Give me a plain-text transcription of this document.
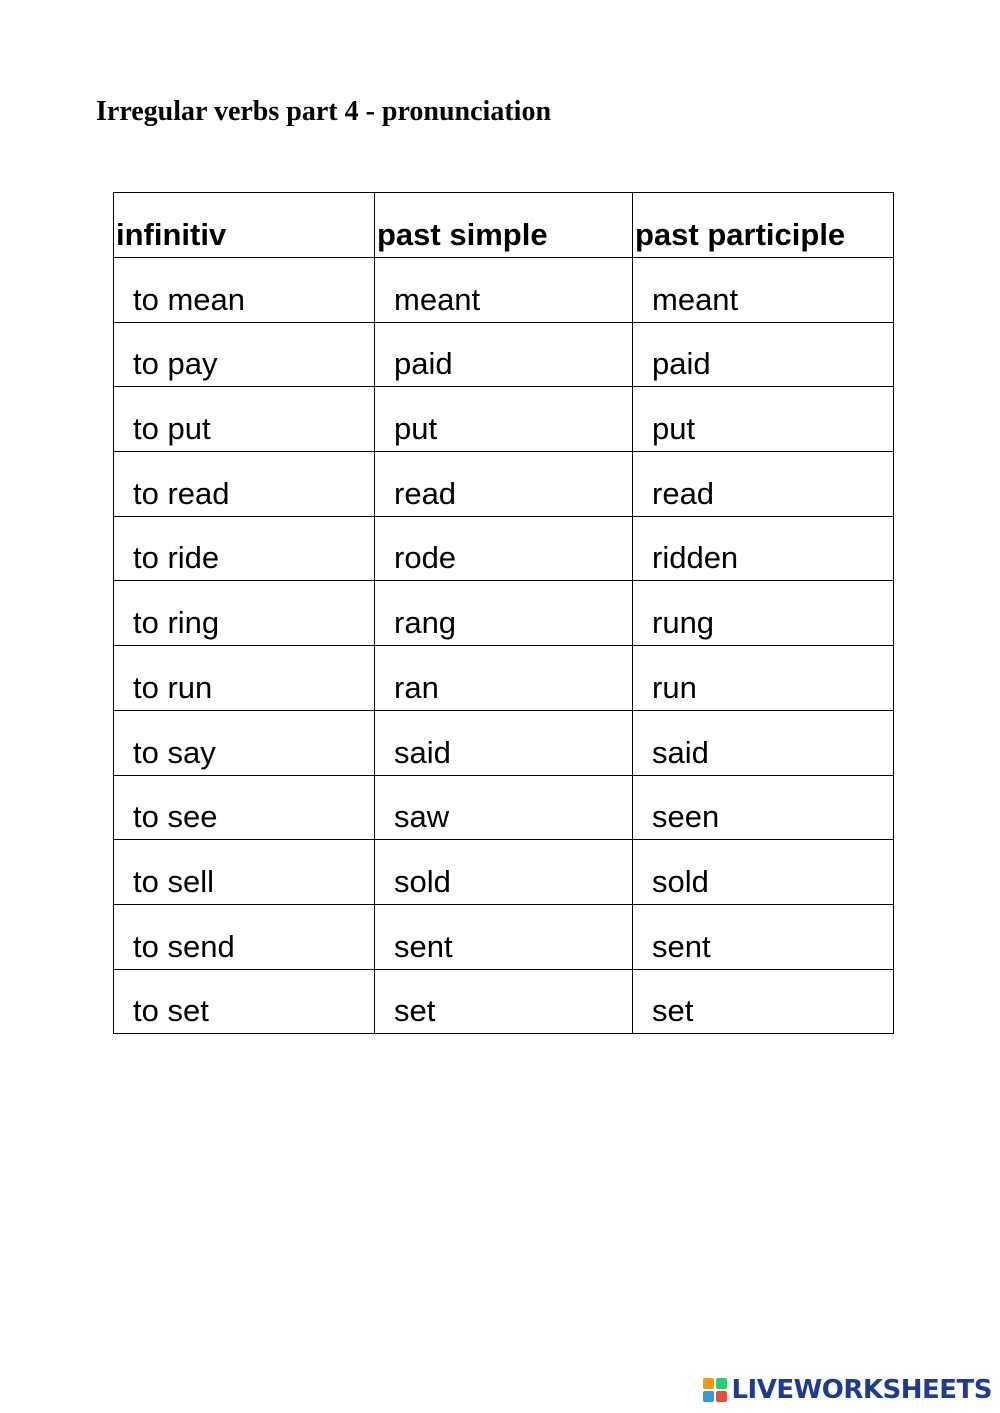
Irregular verbs part 4 - pronunciation
infinitiv	past simple	past participle
to mean	meant	meant
to pay	paid	paid
to put	put	put
to read	read	read
to ride	rode	ridden
to ring	rang	rung
to run	ran	run
to say	said	said
to see	saw	seen
to sell	sold	sold
to send	sent	sent
to set	set	set
LIVEWORKSHEETS
